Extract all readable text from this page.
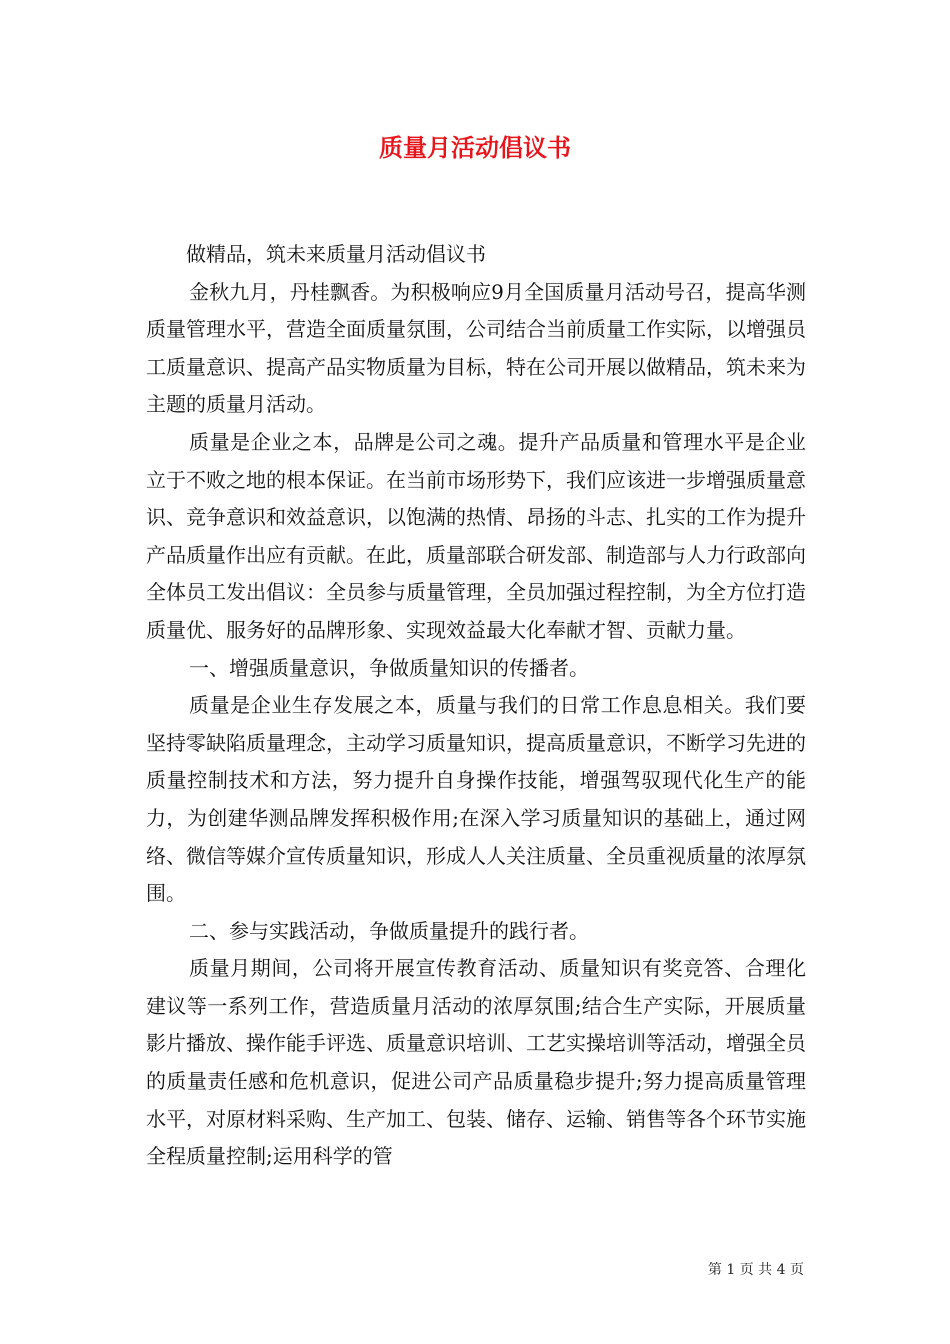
质量月活动倡议书

做精品，筑未来质量月活动倡议书

金秋九月，丹桂飘香。为积极响应9月全国质量月活动号召，提高华测质量管理水平，营造全面质量氛围，公司结合当前质量工作实际，以增强员工质量意识、提高产品实物质量为目标，特在公司开展以做精品，筑未来为主题的质量月活动。

质量是企业之本，品牌是公司之魂。提升产品质量和管理水平是企业立于不败之地的根本保证。在当前市场形势下，我们应该进一步增强质量意识、竞争意识和效益意识，以饱满的热情、昂扬的斗志、扎实的工作为提升产品质量作出应有贡献。在此，质量部联合研发部、制造部与人力行政部向全体员工发出倡议：全员参与质量管理，全员加强过程控制，为全方位打造质量优、服务好的品牌形象、实现效益最大化奉献才智、贡献力量。

一、增强质量意识，争做质量知识的传播者。

质量是企业生存发展之本，质量与我们的日常工作息息相关。我们要坚持零缺陷质量理念，主动学习质量知识，提高质量意识，不断学习先进的质量控制技术和方法，努力提升自身操作技能，增强驾驭现代化生产的能力，为创建华测品牌发挥积极作用;在深入学习质量知识的基础上，通过网络、微信等媒介宣传质量知识，形成人人关注质量、全员重视质量的浓厚氛围。

二、参与实践活动，争做质量提升的践行者。

质量月期间，公司将开展宣传教育活动、质量知识有奖竞答、合理化建议等一系列工作，营造质量月活动的浓厚氛围;结合生产实际，开展质量影片播放、操作能手评选、质量意识培训、工艺实操培训等活动，增强全员的质量责任感和危机意识，促进公司产品质量稳步提升;努力提高质量管理水平，对原材料采购、生产加工、包装、储存、运输、销售等各个环节实施全程质量控制;运用科学的管

第 1 页 共 4 页
